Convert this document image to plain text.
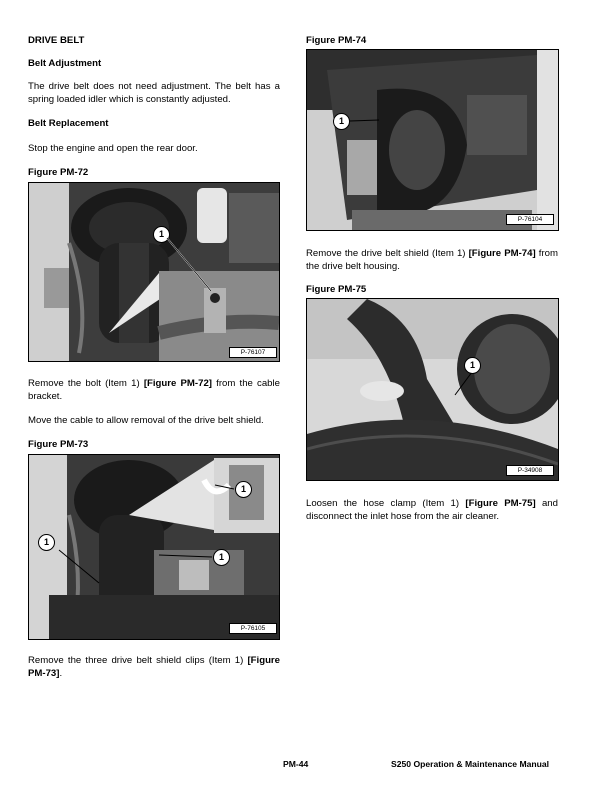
DRIVE BELT
Belt Adjustment
The drive belt does not need adjustment. The belt has a spring loaded idler which is constantly adjusted.
Belt Replacement
Stop the engine and open the rear door.
Figure PM-72
1
P-76107
Remove the bolt (Item 1) [Figure PM-72] from the cable bracket.
Move the cable to allow removal of the drive belt shield.
Figure PM-73
1
1
1
P-76105
Remove the three drive belt shield clips (Item 1) [Figure PM-73].
Figure PM-74
1
P-76104
Remove the drive belt shield (Item 1) [Figure PM-74] from the drive belt housing.
Figure PM-75
1
P-34908
Loosen the hose clamp (Item 1) [Figure PM-75] and disconnect the inlet hose from the air cleaner.
PM-44	S250 Operation & Maintenance Manual
